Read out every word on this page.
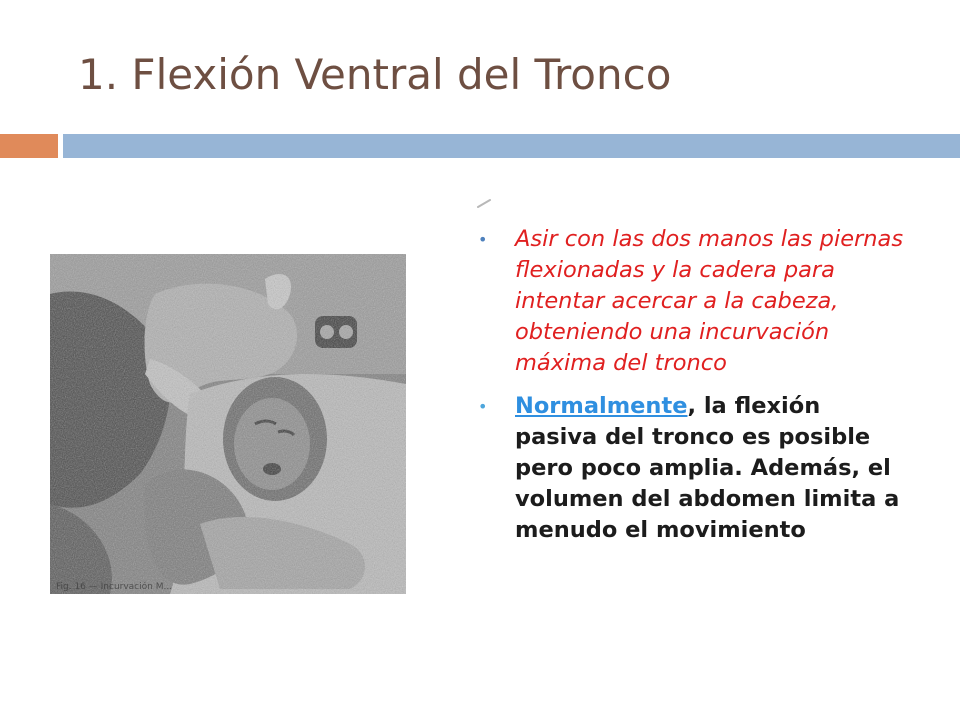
1. Flexión Ventral del Tronco
Fig. 16 — Incurvación M...
• Asir con las dos manos las piernas flexionadas y la cadera para intentar acercar a la cabeza, obteniendo una incurvación máxima del tronco
• Normalmente, la flexión pasiva del tronco es posible pero poco amplia. Además, el volumen del abdomen limita a menudo el movimiento
